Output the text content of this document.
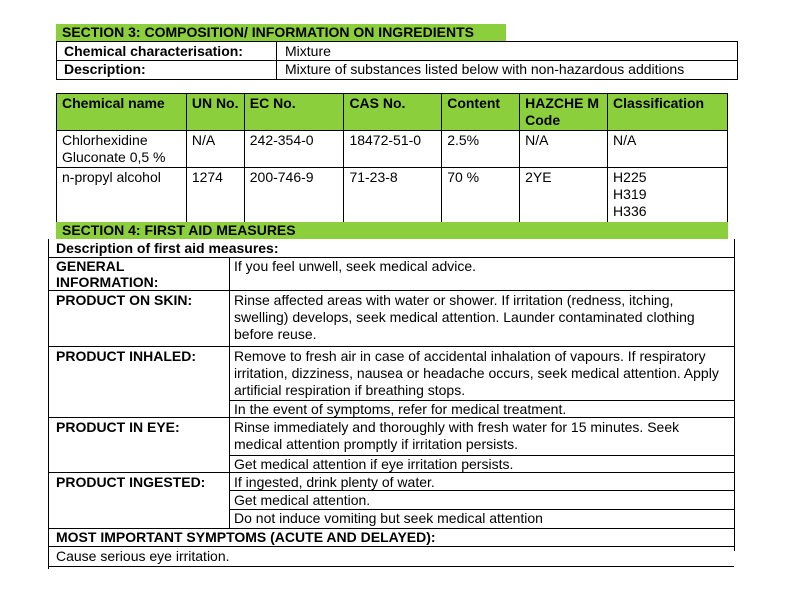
SECTION 3: COMPOSITION/ INFORMATION ON INGREDIENTS
Chemical characterisation:	Mixture
Description:	Mixture of substances listed below with non-hazardous additions
Chemical name	UN No.	EC No.	CAS No.	Content	HAZCHE M Code	Classification
Chlorhexidine Gluconate 0,5 %	N/A	242-354-0	18472-51-0	2.5%	N/A	N/A
n-propyl alcohol	1274	200-746-9	71-23-8	70 %	2YE	H225
H319
H336
SECTION 4: FIRST AID MEASURES
Description of first aid measures:
GENERAL INFORMATION:
If you feel unwell, seek medical advice.
PRODUCT ON SKIN:	Rinse affected areas with water or shower. If irritation (redness, itching, swelling) develops, seek medical attention. Launder contaminated clothing before reuse.
PRODUCT INHALED:	Remove to fresh air in case of accidental inhalation of vapours. If respiratory irritation, dizziness, nausea or headache occurs, seek medical attention. Apply artificial respiration if breathing stops.
In the event of symptoms, refer for medical treatment.
PRODUCT IN EYE:	Rinse immediately and thoroughly with fresh water for 15 minutes. Seek medical attention promptly if irritation persists.
Get medical attention if eye irritation persists.
PRODUCT INGESTED:	If ingested, drink plenty of water.
Get medical attention.
Do not induce vomiting but seek medical attention
MOST IMPORTANT SYMPTOMS (ACUTE AND DELAYED):
Cause serious eye irritation.
